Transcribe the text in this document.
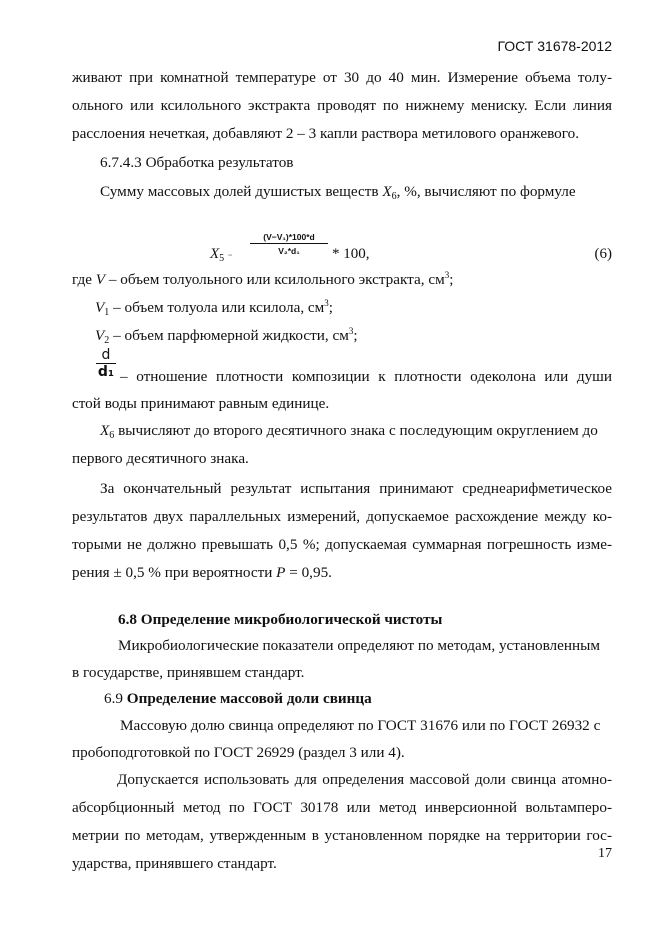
ГОСТ 31678-2012
живают при комнатной температуре от 30 до 40 мин. Измерение объема толуольного или ксилольного экстракта проводят по нижнему мениску. Если линия расслоения нечеткая, добавляют 2 – 3 капли раствора метилового оранжевого.
6.7.4.3 Обработка результатов
Сумму массовых долей душистых веществ $X_6$, %, вычисляют по формуле
$X_5 = \frac{\text{(V−V₁)*100*d}}{\text{V₂*d₁}} * 100$,	(6)
где V – объем толуольного или ксилольного экстракта, $см^3$;
$V_1$ – объем толуола или ксилола, $см^3$;
$V_2$ – объем парфюмерной жидкости, $см^3$;
d
d₁ – отношение плотности композиции к плотности одеколона или души
стой воды принимают равным единице.
$X_6$ вычисляют до второго десятичного знака с последующим округлением до
первого десятичного знака.
За окончательный результат испытания принимают среднеарифметическое результатов двух параллельных измерений, допускаемое расхождение между которыми не должно превышать 0,5 %; допускаемая суммарная погрешность измерения ± 0,5 % при вероятности P = 0,95.
6.8 Определение микробиологической чистоты
Микробиологические показатели определяют по методам, установленным
в государстве, принявшем стандарт.
6.9 Определение массовой доли свинца
Массовую долю свинца определяют по ГОСТ 31676 или по ГОСТ 26932 с
пробоподготовкой по ГОСТ 26929 (раздел 3 или 4).
Допускается использовать для определения массовой доли свинца атомноабсорбционный метод по ГОСТ 30178 или метод инверсионной вольтамперометрии по методам, утвержденным в установленном порядке на территории государства, принявшего стандарт.
17
